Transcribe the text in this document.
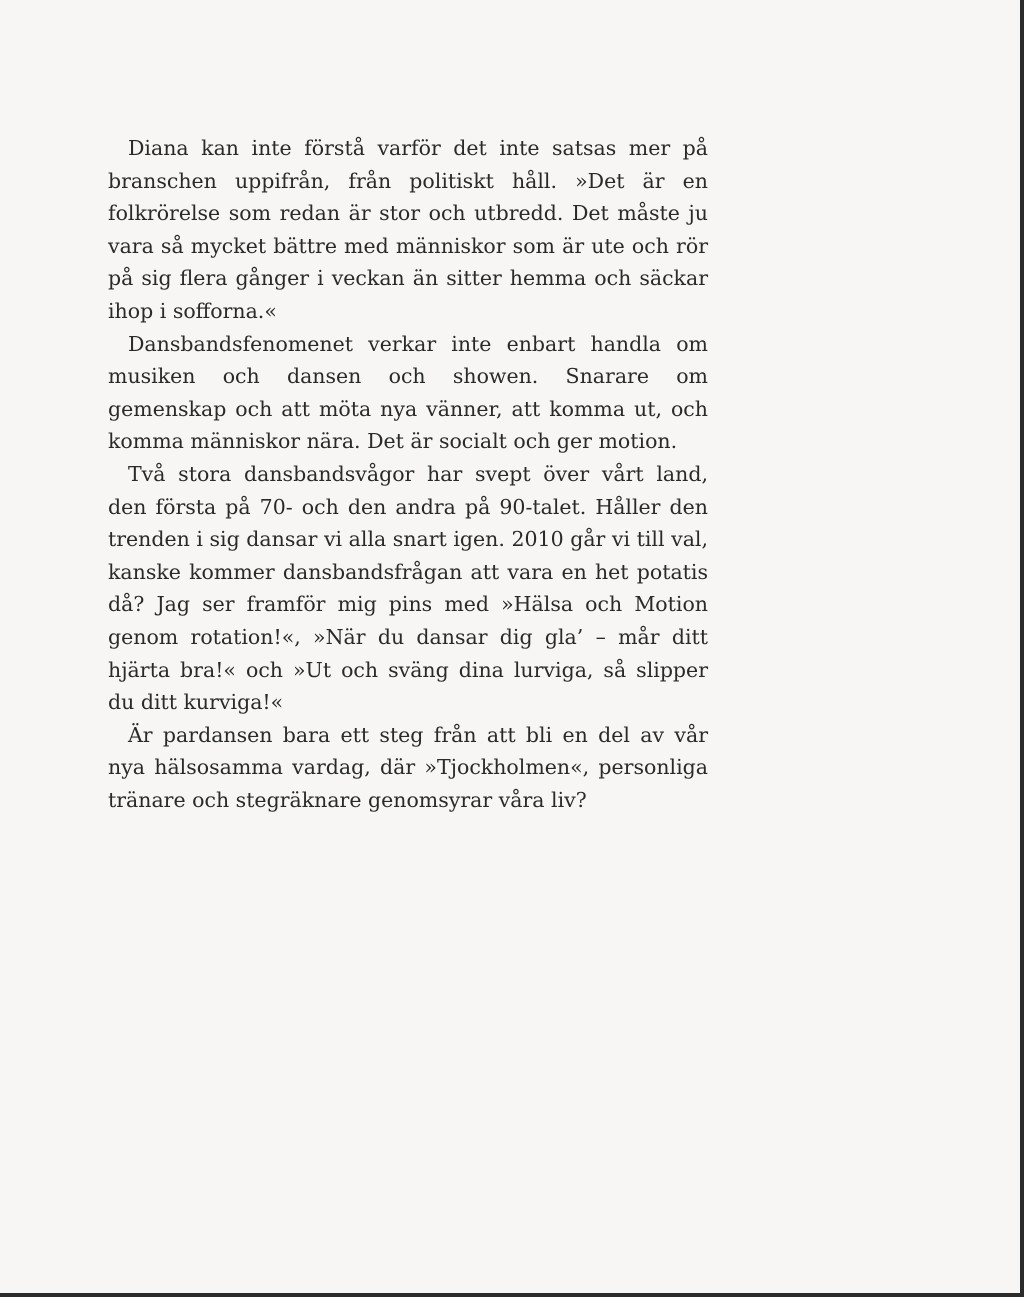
Diana kan inte förstå varför det inte satsas mer på branschen uppifrån, från politiskt håll. »Det är en folkrörelse som redan är stor och utbredd. Det måste ju vara så mycket bättre med människor som är ute och rör på sig flera gånger i veckan än sitter hemma och säckar ihop i sofforna.«

Dansbandsfenomenet verkar inte enbart handla om musiken och dansen och showen. Snarare om gemenskap och att möta nya vänner, att komma ut, och komma människor nära. Det är socialt och ger motion.

Två stora dansbandsvågor har svept över vårt land, den första på 70- och den andra på 90-talet. Håller den trenden i sig dansar vi alla snart igen. 2010 går vi till val, kanske kommer dansbandsfrågan att vara en het potatis då? Jag ser framför mig pins med »Hälsa och Motion genom rotation!«, »När du dansar dig gla’ – mår ditt hjärta bra!« och »Ut och sväng dina lurviga, så slipper du ditt kurviga!«

Är pardansen bara ett steg från att bli en del av vår nya hälsosamma vardag, där »Tjockholmen«, personliga tränare och stegräknare genomsyrar våra liv?
